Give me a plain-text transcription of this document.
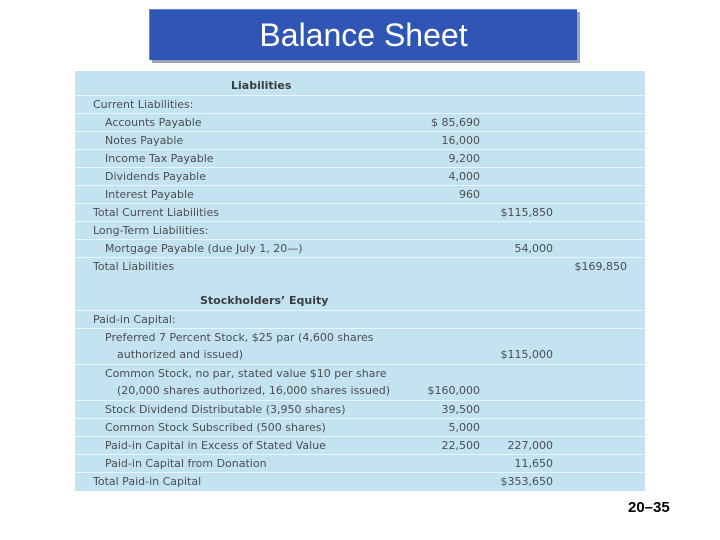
Balance Sheet
Liabilities
Current Liabilities:
Accounts Payable	$ 85,690
Notes Payable	16,000
Income Tax Payable	9,200
Dividends Payable	4,000
Interest Payable	960
Total Current Liabilities	$115,850
Long-Term Liabilities:
Mortgage Payable (due July 1, 20—)	54,000
Total Liabilities	$169,850
Stockholders’ Equity
Paid-in Capital:
Preferred 7 Percent Stock, $25 par (4,600 shares
authorized and issued)	$115,000
Common Stock, no par, stated value $10 per share
(20,000 shares authorized, 16,000 shares issued)	$160,000
Stock Dividend Distributable (3,950 shares)	39,500
Common Stock Subscribed (500 shares)	5,000
Paid-in Capital in Excess of Stated Value	22,500	227,000
Paid-in Capital from Donation	11,650
Total Paid-in Capital	$353,650
20–35
